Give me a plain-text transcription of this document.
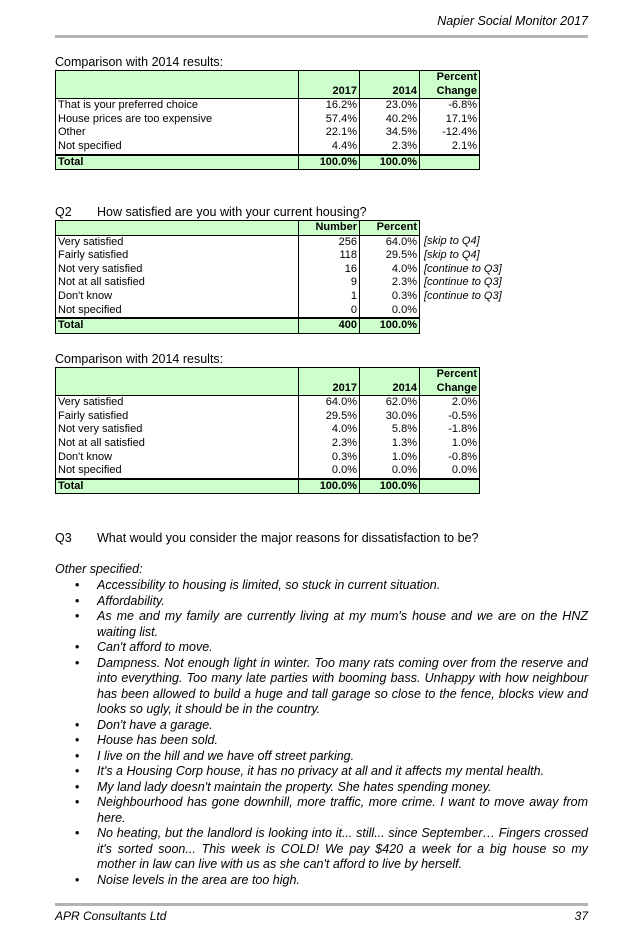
Napier Social Monitor 2017
Comparison with 2014 results:
	2017	2014	Percent
			Change
That is your preferred choice	16.2%	23.0%	-6.8%
House prices are too expensive	57.4%	40.2%	17.1%
Other	22.1%	34.5%	-12.4%
Not specified	4.4%	2.3%	2.1%
Total	100.0%	100.0%	
Q2 How satisfied are you with your current housing?
	Number	Percent	
Very satisfied	256	64.0%	[skip to Q4]
Fairly satisfied	118	29.5%	[skip to Q4]
Not very satisfied	16	4.0%	[continue to Q3]
Not at all satisfied	9	2.3%	[continue to Q3]
Don't know	1	0.3%	[continue to Q3]
Not specified	0	0.0%	
Total	400	100.0%	
Comparison with 2014 results:
	2017	2014	Percent
			Change
Very satisfied	64.0%	62.0%	2.0%
Fairly satisfied	29.5%	30.0%	-0.5%
Not very satisfied	4.0%	5.8%	-1.8%
Not at all satisfied	2.3%	1.3%	1.0%
Don't know	0.3%	1.0%	-0.8%
Not specified	0.0%	0.0%	0.0%
Total	100.0%	100.0%	
Q3 What would you consider the major reasons for dissatisfaction to be?
Other specified:
• Accessibility to housing is limited, so stuck in current situation.
• Affordability.
• As me and my family are currently living at my mum's house and we are on the HNZ waiting list.
• Can't afford to move.
• Dampness. Not enough light in winter. Too many rats coming over from the reserve and into everything. Too many late parties with booming bass. Unhappy with how neighbour has been allowed to build a huge and tall garage so close to the fence, blocks view and looks so ugly, it should be in the country.
• Don't have a garage.
• House has been sold.
• I live on the hill and we have off street parking.
• It's a Housing Corp house, it has no privacy at all and it affects my mental health.
• My land lady doesn't maintain the property. She hates spending money.
• Neighbourhood has gone downhill, more traffic, more crime. I want to move away from here.
• No heating, but the landlord is looking into it... still... since September… Fingers crossed it's sorted soon... This week is COLD! We pay $420 a week for a big house so my mother in law can live with us as she can't afford to live by herself.
• Noise levels in the area are too high.
APR Consultants Ltd	37
